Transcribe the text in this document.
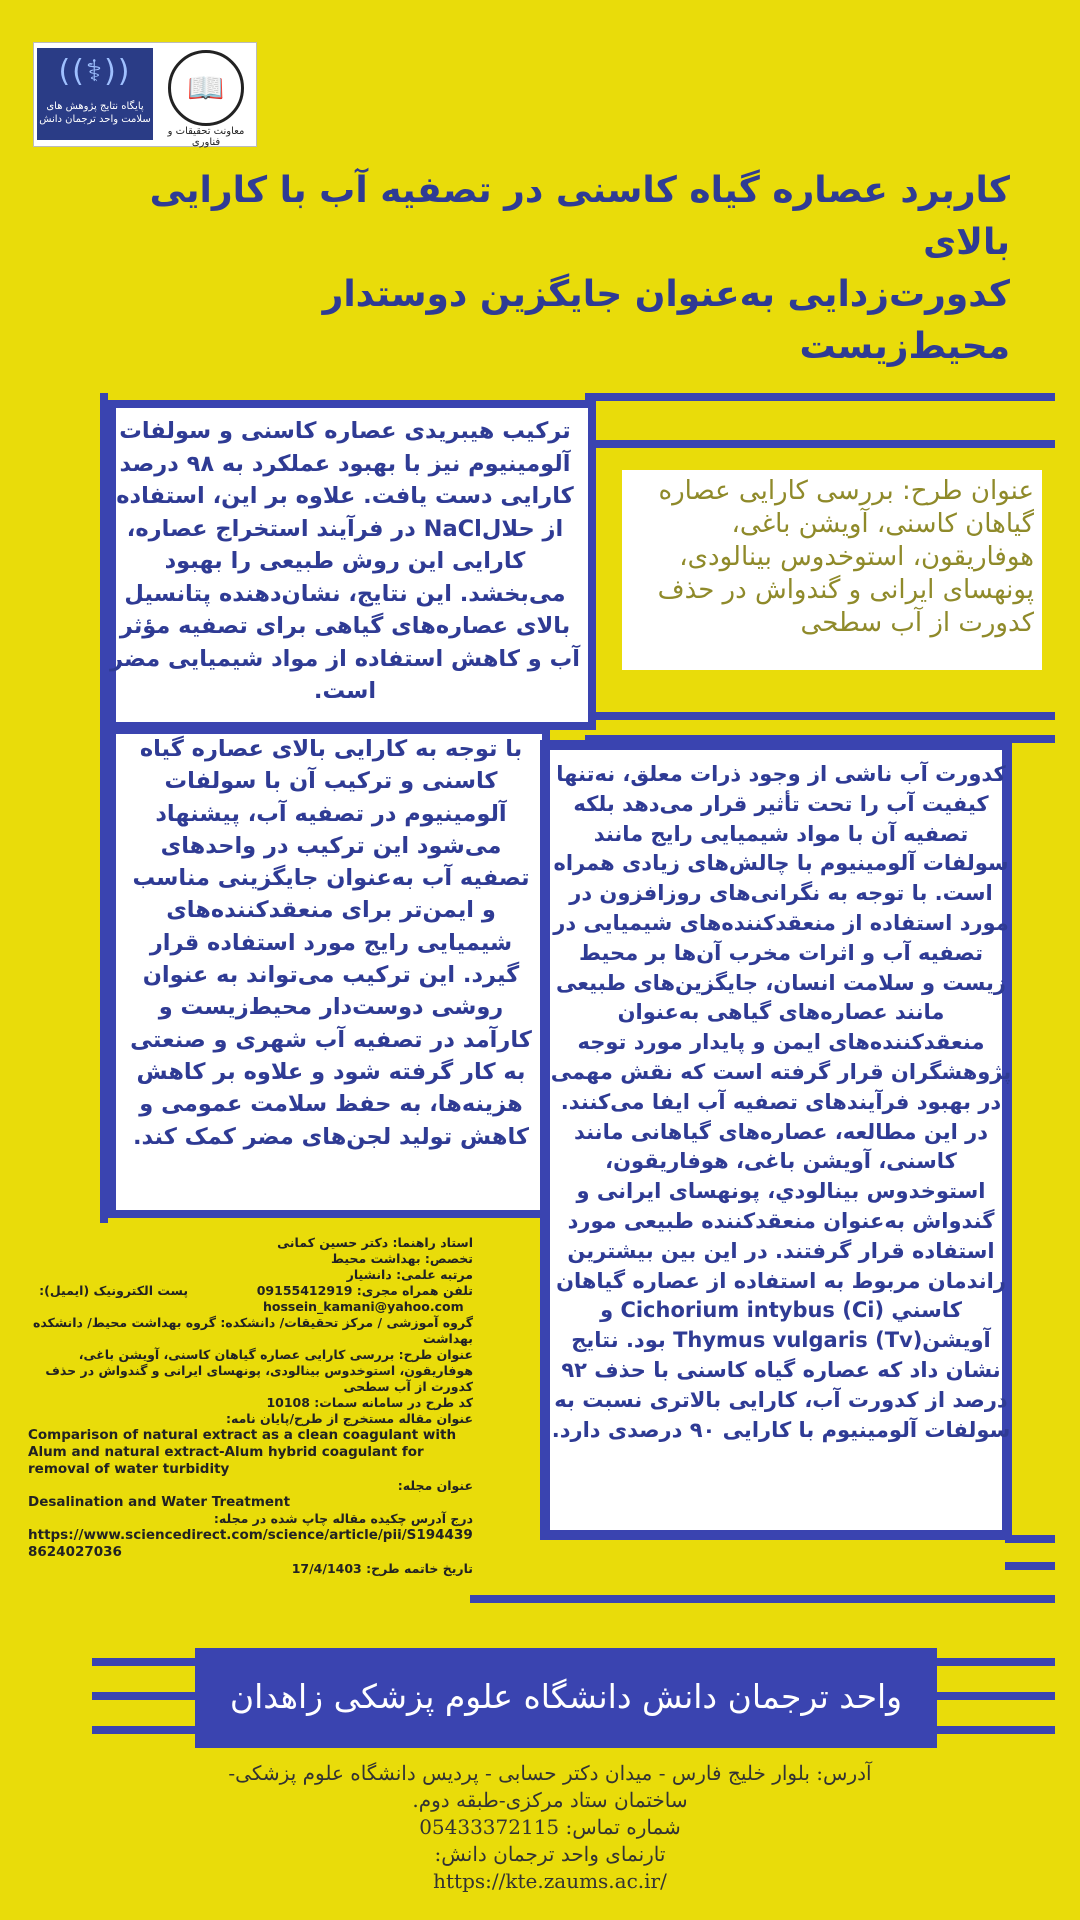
((⚕))
پایگاه نتایج پژوهش های سلامت واحد ترجمان دانش
📖
معاونت تحقیقات و فناوری
کاربرد عصاره گیاه کاسنی در تصفیه آب با کارایی بالای
کدورت‌زدایی به‌عنوان جایگزین دوستدار محیط‌زیست
ترکیب هیبریدی عصاره کاسنی و سولفات آلومینیوم نیز با بهبود عملکرد به ۹۸ درصد کارایی دست یافت. علاوه بر این، استفاده از حلالNaCl در فرآیند استخراج عصاره، کارایی این روش طبیعی را بهبود می‌بخشد. این نتایج، نشان‌دهنده پتانسیل بالای عصاره‌های گیاهی برای تصفیه مؤثر آب و کاهش استفاده از مواد شیمیایی مضر است.
با توجه به کارایی بالای عصاره گیاه کاسنی و ترکیب آن با سولفات آلومینیوم در تصفیه آب، پیشنهاد می‌شود این ترکیب در واحدهای تصفیه آب به‌عنوان جایگزینی مناسب و ایمن‌تر برای منعقدکننده‌های شیمیایی رایج مورد استفاده قرار گیرد. این ترکیب می‌تواند به عنوان روشی دوست‌دار محیط‌زیست و کارآمد در تصفیه آب شهری و صنعتی به کار گرفته شود و علاوه بر کاهش هزینه‌ها، به حفظ سلامت عمومی و کاهش تولید لجن‌های مضر کمک کند.
عنوان طرح: بررسی کارایی عصاره گیاهان کاسنی، آویشن باغی، هوفاریقون، استوخدوس بینالودی، پونهسای ایرانی و گندواش در حذف کدورت از آب سطحی
کدورت آب ناشی از وجود ذرات معلق، نه‌تنها کیفیت آب را تحت تأثیر قرار می‌دهد بلکه تصفیه آن با مواد شیمیایی رایج مانند سولفات آلومینیوم با چالش‌های زیادی همراه است. با توجه به نگرانی‌های روزافزون در مورد استفاده از منعقدکننده‌های شیمیایی در تصفیه آب و اثرات مخرب آن‌ها بر محیط زیست و سلامت انسان، جایگزین‌های طبیعی مانند عصاره‌های گیاهی به‌عنوان منعقدکننده‌های ایمن و پایدار مورد توجه پژوهشگران قرار گرفته است که نقش مهمی در بهبود فرآیندهای تصفیه آب ایفا می‌کنند. در این مطالعه، عصاره‌های گیاهانی مانند کاسنی، آویشن باغی، هوفاریقون، استوخدوس بینالودي، پونهسای ایرانی و گندواش به‌عنوان منعقدکننده طبیعی مورد استفاده قرار گرفتند. در این بین بیشترین راندمان مربوط به استفاده از عصاره گیاهان کاسني (Cichorium intybus (Ci و آویشن(Tv) Thymus vulgaris بود. نتایج نشان داد که عصاره گیاه کاسنی با حذف ۹۲ درصد از کدورت آب، کارایی بالاتری نسبت به سولفات آلومینیوم با کارایی ۹۰ درصدی دارد.
استاد راهنما: دکتر حسین کمانی
تخصص: بهداشت محیط
مرتبه علمی: دانشیار
تلفن همراه مجری: 09155412919  پست الکترونیک (ایمیل):
hossein_kamani@yahoo.com
گروه آموزشی / مرکز تحقیقات/ دانشکده: گروه بهداشت محیط/ دانشکده بهداشت
عنوان طرح: بررسی کارایی عصاره گیاهان کاسنی، آویشن باغی، هوفاریقون، استوخدوس بینالودی، پونهسای ایرانی و گندواش در حذف کدورت از آب سطحی
کد طرح در سامانه سمات: 10108
عنوان مقاله مستخرج از طرح/پایان نامه:
Comparison of natural extract as a clean coagulant with Alum and natural extract-Alum hybrid coagulant for removal of water turbidity
عنوان مجله:
Desalination and Water Treatment
درج آدرس چکیده مقاله چاپ شده در مجله:
https://www.sciencedirect.com/science/article/pii/S1944398624027036
تاریخ خاتمه طرح: 17/4/1403
واحد ترجمان دانش دانشگاه علوم پزشکی زاهدان
آدرس: بلوار خلیج فارس - میدان دکتر حسابی - پردیس دانشگاه علوم پزشکی- ساختمان ستاد مرکزی-طبقه دوم.
شماره تماس: 05433372115
تارنمای واحد ترجمان دانش:
https://kte.zaums.ac.ir/
